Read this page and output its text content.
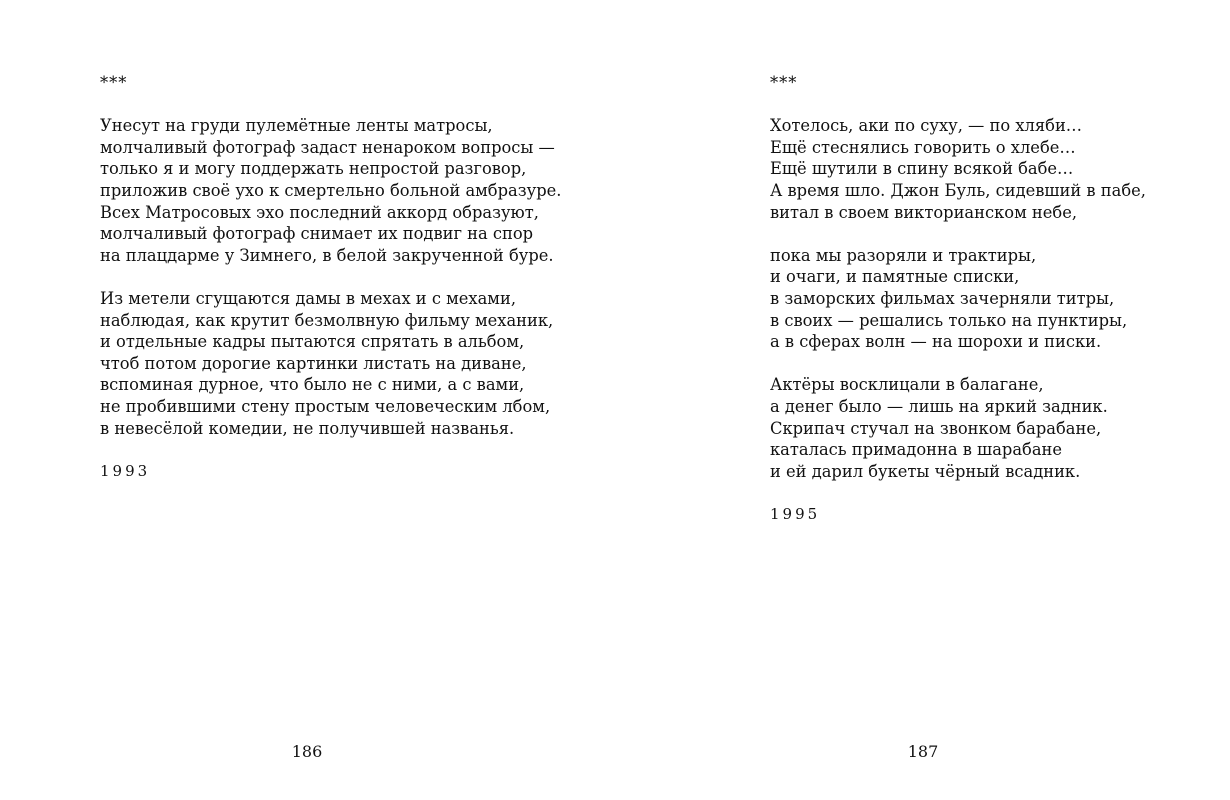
***
Унесут на груди пулемётные ленты матросы,
молчаливый фотограф задаст ненароком вопросы —
только я и могу поддержать непростой разговор,
приложив своё ухо к смертельно больной амбразуре.
Всех Матросовых эхо последний аккорд образуют,
молчаливый фотограф снимает их подвиг на спор
на плацдарме у Зимнего, в белой закрученной буре.
Из метели сгущаются дамы в мехах и с мехами,
наблюдая, как крутит безмолвную фильму механик,
и отдельные кадры пытаются спрятать в альбом,
чтоб потом дорогие картинки листать на диване,
вспоминая дурное, что было не с ними, а с вами,
не пробившими стену простым человеческим лбом,
в невесёлой комедии, не получившей названья.
1993
186
***
Хотелось, аки по суху, — по хляби…
Ещё стеснялись говорить о хлебе…
Ещё шутили в спину всякой бабе…
А время шло. Джон Буль, сидевший в пабе,
витал в своем викторианском небе,
пока мы разоряли и трактиры,
и очаги, и памятные списки,
в заморских фильмах зачерняли титры,
в своих — решались только на пунктиры,
а в сферах волн — на шорохи и писки.
Актёры восклицали в балагане,
а денег было — лишь на яркий задник.
Скрипач стучал на звонком барабане,
каталась примадонна в шарабане
и ей дарил букеты чёрный всадник.
1995
187
